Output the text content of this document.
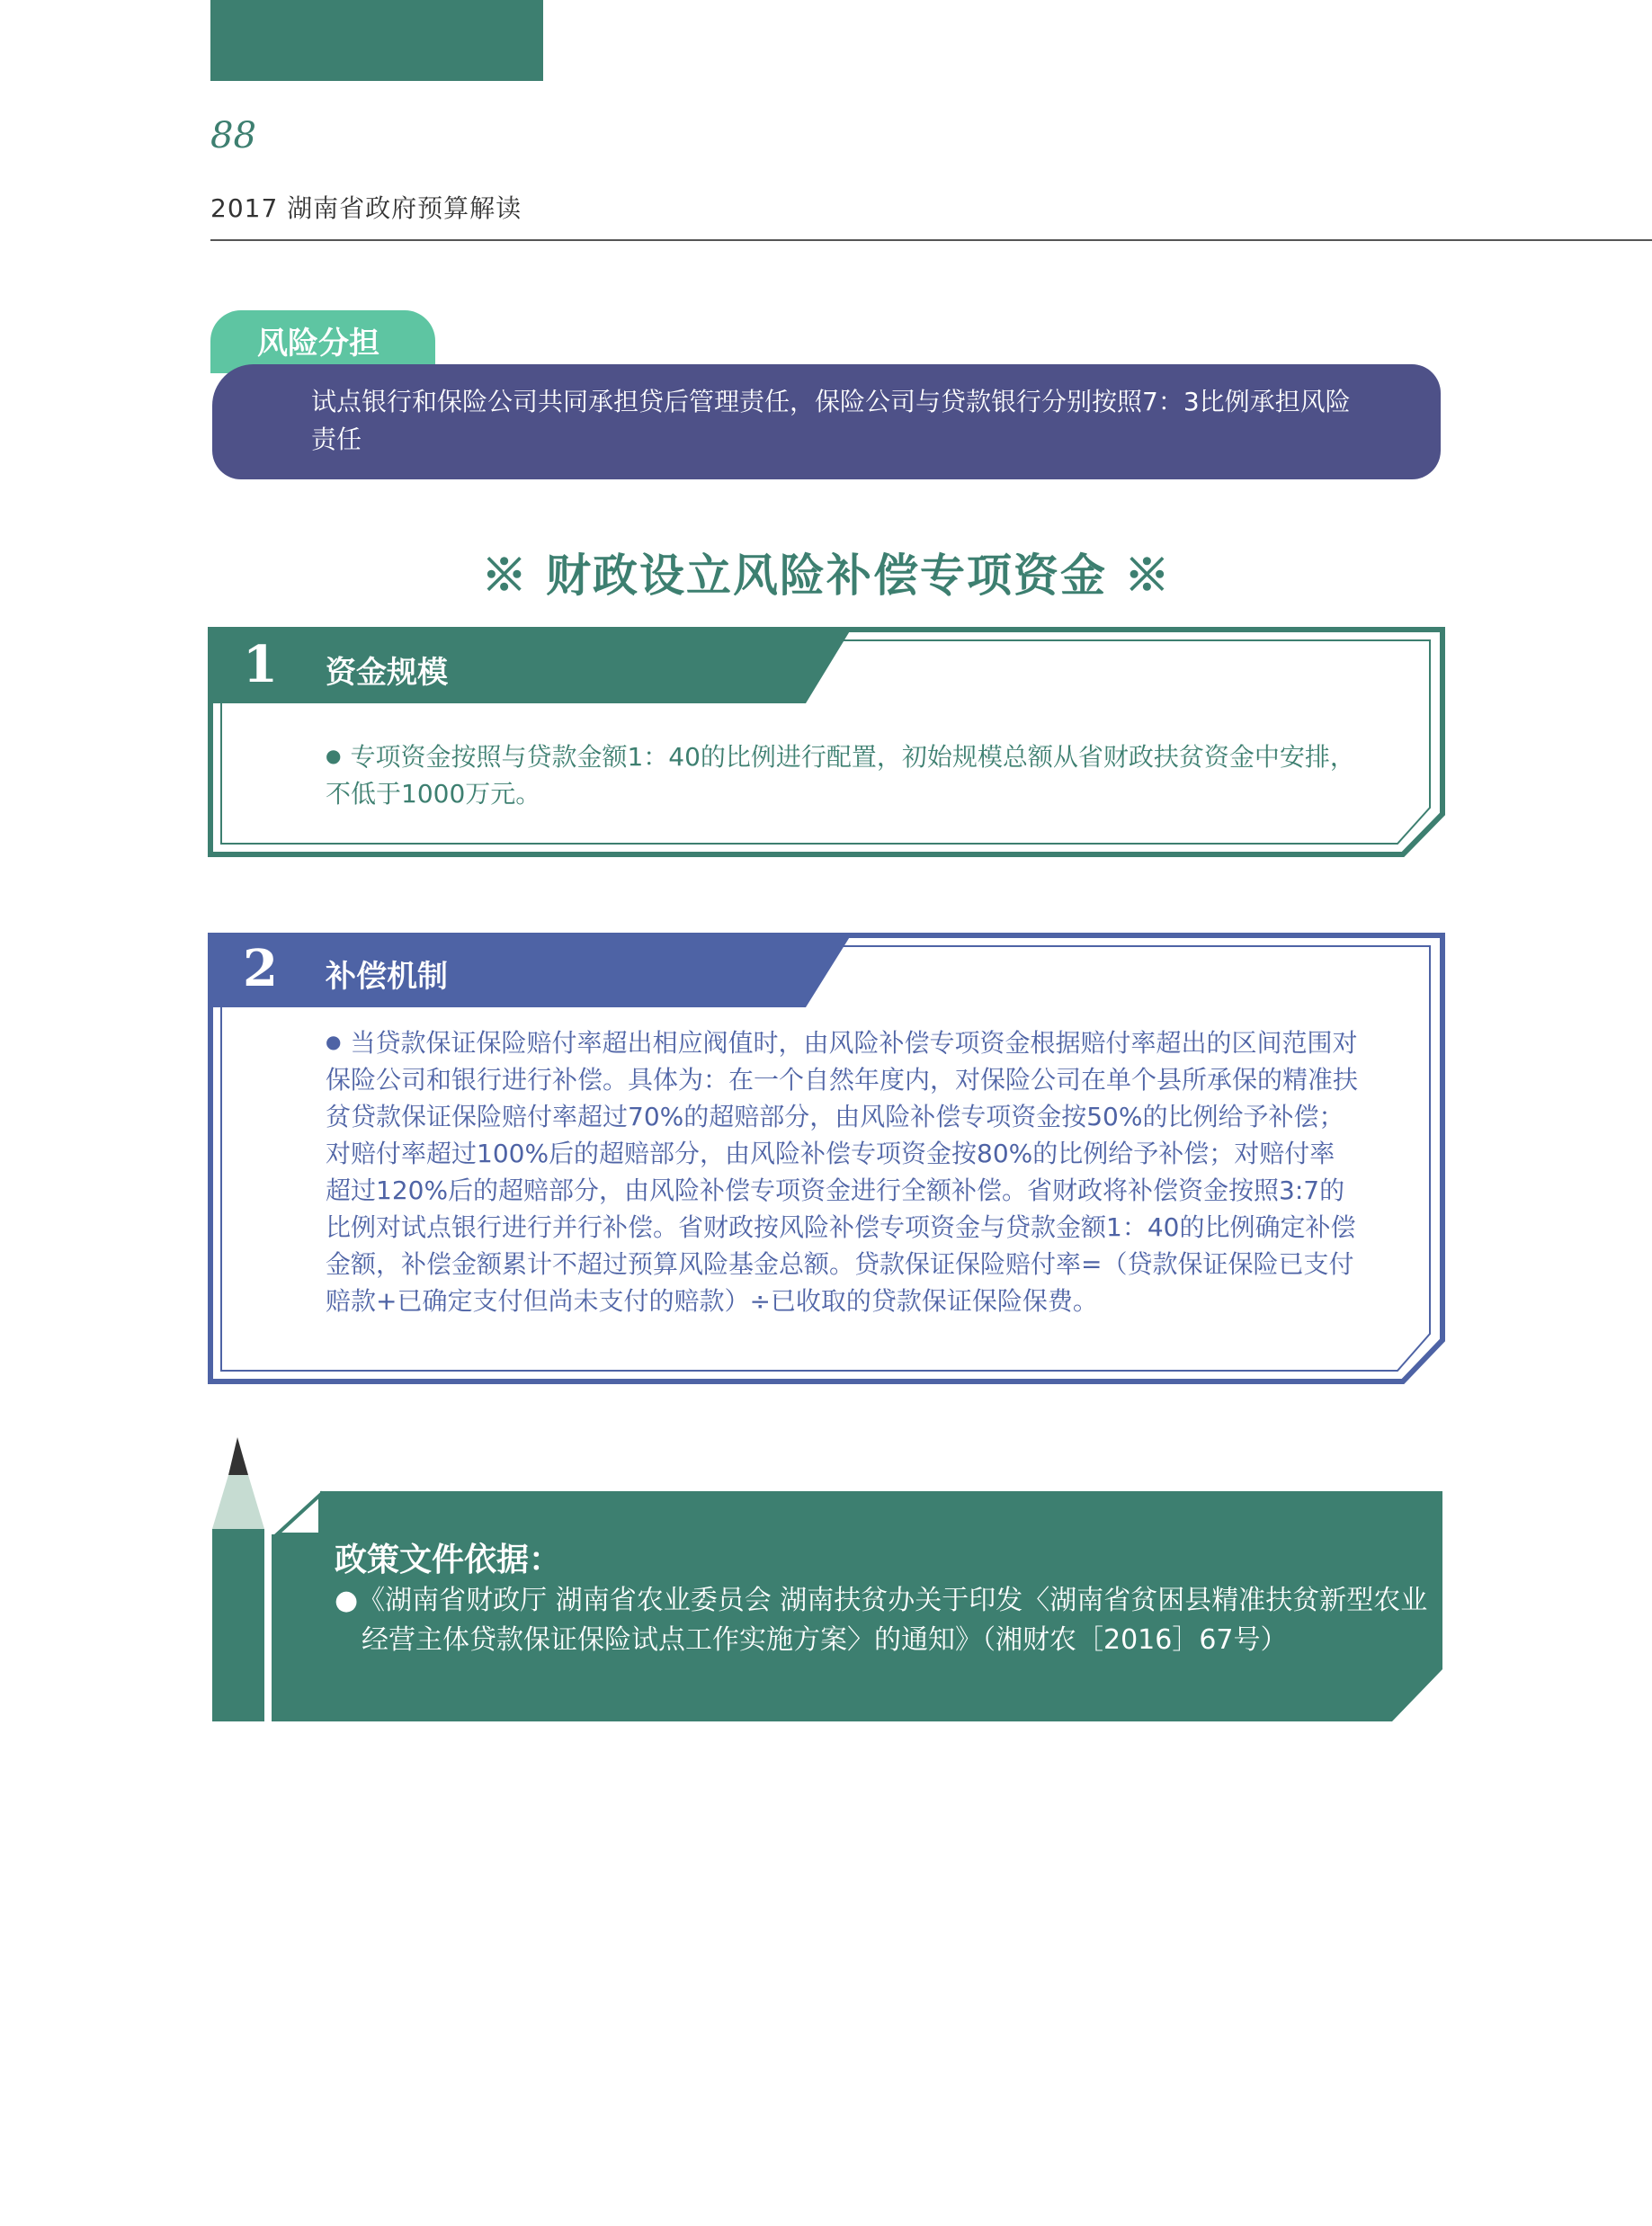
88
2017 湖南省政府预算解读
风险分担
试点银行和保险公司共同承担贷后管理责任，保险公司与贷款银行分别按照7：3比例承担风险责任
※ 财政设立风险补偿专项资金 ※
1 资金规模
● 专项资金按照与贷款金额1：40的比例进行配置，初始规模总额从省财政扶贫资金中安排，不低于1000万元。
2 补偿机制
● 当贷款保证保险赔付率超出相应阀值时，由风险补偿专项资金根据赔付率超出的区间范围对保险公司和银行进行补偿。具体为：在一个自然年度内，对保险公司在单个县所承保的精准扶贫贷款保证保险赔付率超过70%的超赔部分，由风险补偿专项资金按50%的比例给予补偿；对赔付率超过100%后的超赔部分，由风险补偿专项资金按80%的比例给予补偿；对赔付率超过120%后的超赔部分，由风险补偿专项资金进行全额补偿。省财政将补偿资金按照3:7的比例对试点银行进行并行补偿。省财政按风险补偿专项资金与贷款金额1：40的比例确定补偿金额，补偿金额累计不超过预算风险基金总额。贷款保证保险赔付率=（贷款保证保险已支付赔款+已确定支付但尚未支付的赔款）÷已收取的贷款保证保险保费。
政策文件依据：
●《湖南省财政厅 湖南省农业委员会 湖南扶贫办关于印发〈湖南省贫困县精准扶贫新型农业经营主体贷款保证保险试点工作实施方案〉的通知》（湘财农［2016］67号）
